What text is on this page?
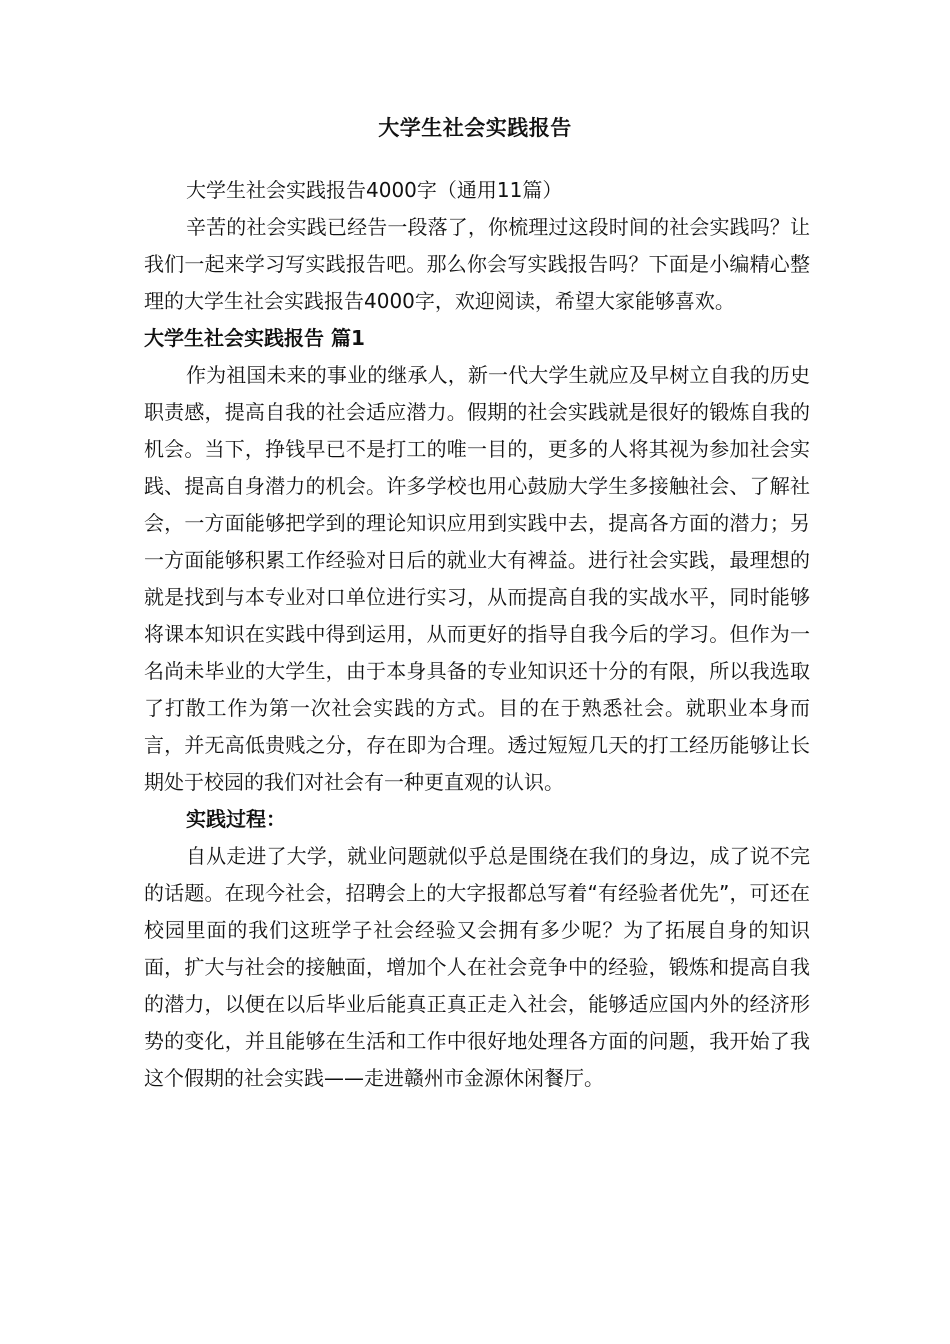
大学生社会实践报告

大学生社会实践报告4000字（通用11篇）

辛苦的社会实践已经告一段落了，你梳理过这段时间的社会实践吗？让我们一起来学习写实践报告吧。那么你会写实践报告吗？下面是小编精心整理的大学生社会实践报告4000字，欢迎阅读，希望大家能够喜欢。

大学生社会实践报告 篇1

作为祖国未来的事业的继承人，新一代大学生就应及早树立自我的历史职责感，提高自我的社会适应潜力。假期的社会实践就是很好的锻炼自我的机会。当下，挣钱早已不是打工的唯一目的，更多的人将其视为参加社会实践、提高自身潜力的机会。许多学校也用心鼓励大学生多接触社会、了解社会，一方面能够把学到的理论知识应用到实践中去，提高各方面的潜力；另一方面能够积累工作经验对日后的就业大有裨益。进行社会实践，最理想的就是找到与本专业对口单位进行实习，从而提高自我的实战水平，同时能够将课本知识在实践中得到运用，从而更好的指导自我今后的学习。但作为一名尚未毕业的大学生，由于本身具备的专业知识还十分的有限，所以我选取了打散工作为第一次社会实践的方式。目的在于熟悉社会。就职业本身而言，并无高低贵贱之分，存在即为合理。透过短短几天的打工经历能够让长期处于校园的我们对社会有一种更直观的认识。

实践过程：

自从走进了大学，就业问题就似乎总是围绕在我们的身边，成了说不完的话题。在现今社会，招聘会上的大字报都总写着“有经验者优先”，可还在校园里面的我们这班学子社会经验又会拥有多少呢？为了拓展自身的知识面，扩大与社会的接触面，增加个人在社会竞争中的经验，锻炼和提高自我的潜力，以便在以后毕业后能真正真正走入社会，能够适应国内外的经济形势的变化，并且能够在生活和工作中很好地处理各方面的问题，我开始了我这个假期的社会实践——走进赣州市金源休闲餐厅。
